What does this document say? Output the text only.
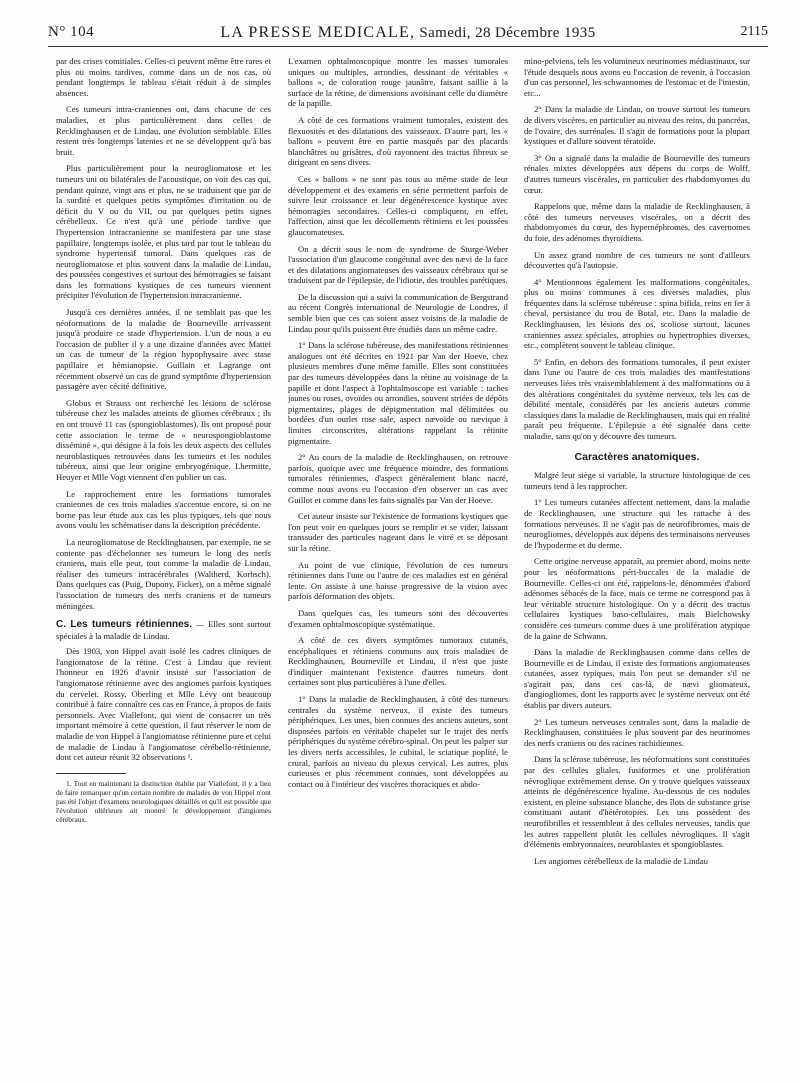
N° 104	LA PRESSE MEDICALE, Samedi, 28 Décembre 1935	2115

par des crises comitiales. Celles-ci peuvent même être rares et plus ou moins tardives, comme dans un de nos cas, où pendant longtemps le tableau s'était réduit à de simples absences.

Ces tumeurs intra-craniennes ont, dans chacune de ces maladies, et plus particulièrement dans celles de Recklinghausen et de Lindau, une évolution semblable. Elles restent très longtemps latentes et ne se développent qu'à bas bruit.

Plus particulièrement pour la neurogliomatose et les tumeurs uni ou bilatérales de l'acoustique, on voit des cas qui, pendant quinze, vingt ans et plus, ne se traduisent que par de la surdité et quelques petits symptômes d'irritation ou de déficit du V ou du VII, ou par quelques petits signes cérébelleux. Ce n'est qu'à une période tardive que l'hypertension intracranienne se manifestera par une stase papillaire, longtemps isolée, et plus tard par tout le tableau du syndrome hypertensif tumoral. Dans quelques cas de neurogliomatose et plus souvent dans la maladie de Lindau, des poussées congestives et surtout des hémorragies se faisant dans les formations kystiques de ces tumeurs viennent précipiter l'évolution de l'hypertension intracranienne.

Jusqu'à ces dernières années, il ne semblait pas que les néoformations de la maladie de Bourneville arrivassent jusqu'à produire ce stade d'hypertension. L'un de nous a eu l'occasion de publier il y a une dizaine d'années avec Mattei un cas de tumeur de la région hypophysaire avec stase papillaire et hémianopsie. Guillain et Lagrange ont récemment observé un cas de grand symptôme d'hypertension passagère avec cécité définitive.

Globus et Strauss ont recherché les lésions de sclérose tubéreuse chez les malades atteints de gliomes cérébraux ; ils en ont trouvé 11 cas (spongioblastomes). Ils ont proposé pour cette association le terme de « neurospongioblastome disséminé », qui désigne à la fois les deux aspects des cellules neuroblastiques retrouvées dans les tumeurs et les nodules tubéreux, ainsi que leur origine embryogénique. Lhermitte, Heuyer et Mlle Vogt viennent d'en publier un cas.

Le rapprochement entre les formations tumorales craniennes de ces trois maladies s'accentue encore, si on ne borne pas leur étude aux cas les plus typiques, tels que nous avons voulu les schématiser dans la description précédente.

La neurogliomatose de Recklinghausen, par exemple, ne se contente pas d'échelonner ses tumeurs le long des nerfs craniens, mais elle peut, tout comme la maladie de Lindau, réaliser des tumeurs intracérébrales (Waltherd, Korbsch). Dans quelques cas (Puig, Dupony, Ficker), on a même signalé l'association de tumeurs des nerfs craniens et de tumeurs méningées.

C. Les tumeurs rétiniennes. — Elles sont surtout spéciales à la maladie de Lindau.

Dès 1903, von Hippel avait isolé les cadres cliniques de l'angiomatose de la rétine. C'est à Lindau que revient l'honneur en 1926 d'avoir insisté sur l'association de l'angiomatose rétinienne avec des angiomes parfois kystiques du cervelet. Rossy, Oberling et Mlle Lévy ont beaucoup contribué à faire connaître ces cas en France, à propos de faits personnels. Avec Viallefont, qui vient de consacrer un très important mémoire à cette question, il faut réserver le nom de maladie de von Hippel à l'angiomatose rétinienne pure et celui de maladie de Lindau à l'angiomatose cérébello-rétinienne, dont cet auteur réunit 32 observations ¹.

1. Tout en maintenant la distinction établie par Viallefont, il y a lieu de faire remarquer qu'un certain nombre de malades de von Hippel n'ont pas été l'objet d'examens neurologiques détaillés et qu'il est possible que l'évolution ultérieure ait montré le développement d'angiomes cérébraux.

L'examen ophtalmoscopique montre les masses tumorales uniques ou multiples, arrondies, dessinant de véritables « ballons », de coloration rouge jaunâtre, faisant saillie à la surface de la rétine, de dimensions avoisinant celle du diamètre de la papille.

A côté de ces formations vraiment tumorales, existent des flexuosités et des dilatations des vaisseaux. D'autre part, les « ballons » peuvent être en partie masqués par des placards blanchâtres ou grisâtres, d'où rayonnent des tractus fibreux se dirigeant en sens divers.

Ces « ballons » ne sont pas tous au même stade de leur développement et des examens en série permettent parfois de suivre leur croissance et leur dégénérescence kystique avec hémorragies secondaires. Celles-ci compliquent, en effet, l'affection, ainsi que les décollements rétiniens et les poussées glaucomateuses.

On a décrit sous le nom de syndrome de Sturge-Weber l'association d'un glaucome congénital avec des nævi de la face et des dilatations angiomateuses des vaisseaux cérébraux qui se traduisent par de l'épilepsie, de l'idiotie, des troubles parétiques.

De la discussion qui a suivi la communication de Bergstrand au récent Congrès international de Neurologie de Londres, il semble bien que ces cas soient assez voisins de la maladie de Lindau pour qu'ils puissent être étudiés dans un même cadre.

1° Dans la sclérose tubéreuse, des manifestations rétiniennes analogues ont été décrites en 1921 par Van der Hoeve, chez plusieurs membres d'une même famille. Elles sont constituées par des tumeurs développées dans la rétine au voisinage de la papille et dont l'aspect à l'ophtalmoscope est variable : taches jaunes ou roses, ovoïdes ou arrondies, souvent striées de dépôts pigmentaires, plages de dépigmentation mal délimitées ou bordées d'un ourlet rose sale, aspect nævoïde ou nævique à limites circonscrites, altérations rappelant la rétinite pigmentaire.

2° Au cours de la maladie de Recklinghausen, on retrouve parfois, quoique avec une fréquence moindre, des formations tumorales rétiniennes, d'aspect généralement blanc nacré, comme nous avons eu l'occasion d'en observer un cas avec Guillot et comme dans les faits signalés par Van der Hoeve.

Cet auteur insiste sur l'existence de formations kystiques que l'on peut voir en quelques jours se remplir et se vider, laissant transsuder des particules nageant dans le vitré et se déposant sur la rétine.

Au point de vue clinique, l'évolution de ces tumeurs rétiniennes dans l'une ou l'autre de ces maladies est en général lente. On assiste à une baisse progressive de la vision avec parfois déformation des objets.

Dans quelques cas, les tumeurs sont des découvertes d'examen ophtalmoscopique systématique.

A côté de ces divers symptômes tumoraux cutanés, encéphaliques et rétiniens communs aux trois maladies de Recklinghausen, Bourneville et Lindau, il n'est que juste d'indiquer maintenant l'existence d'autres tumeurs dont certaines sont plus particulières à l'une d'elles.

1° Dans la maladie de Recklinghausen, à côté des tumeurs centrales du système nerveux, il existe des tumeurs périphériques. Les unes, bien connues des anciens auteurs, sont disposées parfois en véritable chapelet sur le trajet des nerfs périphériques du système cérébro-spinal. On peut les palper sur les divers nerfs accessibles, le cubital, le sciatique poplité, le crural, parfois au niveau du plexus cervical. Les autres, plus curieuses et plus récemment connues, sont développées au contact ou à l'intérieur des viscères thoraciques et abdo-

mino-pelviens, tels les volumineux neurinomes médiastinaux, sur l'étude desquels nous avons eu l'occasion de revenir, à l'occasion d'un cas personnel, les schwannomes de l'estomac et de l'intestin, etc...

2° Dans la maladie de Lindau, on trouve surtout les tumeurs de divers viscères, en particulier au niveau des reins, du pancréas, de l'ovaire, des surrénales. Il s'agit de formations pour la plupart kystiques et d'allure souvent tératoïde.

3° On a signalé dans la maladie de Bourneville des tumeurs rénales mixtes développées aux dépens du corps de Wolff, d'autres tumeurs viscérales, en particulier des rhabdomyomes du cœur.

Rappelons que, même dans la maladie de Recklinghausen, à côté des tumeurs nerveuses viscérales, on a décrit des rhabdomyomes du cœur, des hypernéphromes, des cavernomes du foie, des adénomes thyroïdiens.

Un assez grand nombre de ces tumeurs ne sont d'ailleurs découvertes qu'à l'autopsie.

4° Mentionnons également les malformations congénitales, plus ou moins communes à ces diverses maladies, plus fréquentes dans la sclérose tubéreuse : spina bifida, reins en fer à cheval, persistance du trou de Botal, etc. Dans la maladie de Recklinghausen, les lésions des os, scoliose surtout, lacunes craniennes assez spéciales, atrophies ou hypertrophies diverses, etc., complètent souvent le tableau clinique.

5° Enfin, en dehors des formations tumorales, il peut exister dans l'une ou l'autre de ces trois maladies des manifestations nerveuses liées très vraisemblablement à des malformations ou à des altérations congénitales du système nerveux, tels les cas de débilité mentale, considérés par les anciens auteurs comme classiques dans la maladie de Recklinghausen, mais qui en réalité paraît peu fréquente. L'épilepsie a été signalée dans cette maladie, sans qu'on y découvre des tumeurs.

Caractères anatomiques.

Malgré leur siège si variable, la structure histologique de ces tumeurs tend à les rapprocher.

1° Les tumeurs cutanées affectent nettement, dans la maladie de Recklinghausen, une structure qui les rattache à des formations nerveuses. Il ne s'agit pas de neurofibromes, mais de neurogliomes, développés aux dépens des terminaisons nerveuses de l'hypoderme et du derme.

Cette origine nerveuse apparaît, au premier abord, moins nette pour les néoformations péri-buccales de la maladie de Bourneville. Celles-ci ont été, rappelons-le, dénommées d'abord adénomes sébacés de la face, mais ce terme ne correspond pas à leur véritable structure histologique. On y a décrit des tractus cellulaires kystiques baso-cellulaires, mais Bielchowsky considère ces tumeurs comme dues à une prolifération atypique de la gaine de Schwann.

Dans la maladie de Recklinghausen comme dans celles de Bourneville et de Lindau, il existe des formations angiomateuses cutanées, assez typiques, mais l'on peut se demander s'il ne s'agirait pas, dans ces cas-là, de nævi gliomateux, d'angiogliomes, dont les rapports avec le système nerveux ont été établis par divers auteurs.

2° Les tumeurs nerveuses centrales sont, dans la maladie de Recklinghausen, constituées le plus souvent par des neurinomes des nerfs craniens ou des racines rachidiennes.

Dans la sclérose tubéreuse, les néoformations sont constituées par des cellules gliales, fusiformes et une prolifération névroglique extrêmement dense. On y trouve quelques vaisseaux atteints de dégénérescence hyaline. Au-dessous de ces nodules existent, en pleine substance blanche, des îlots de substance grise constituant autant d'hétérotopies. Les uns possèdent des neurofibrilles et ressemblent à des cellules nerveuses, tandis que les autres rappellent plutôt les cellules névrogliques. Il s'agit d'éléments embryonnaires, neuroblastes et spongioblastes.

Les angiomes cérébelleux de la maladie de Lindau
